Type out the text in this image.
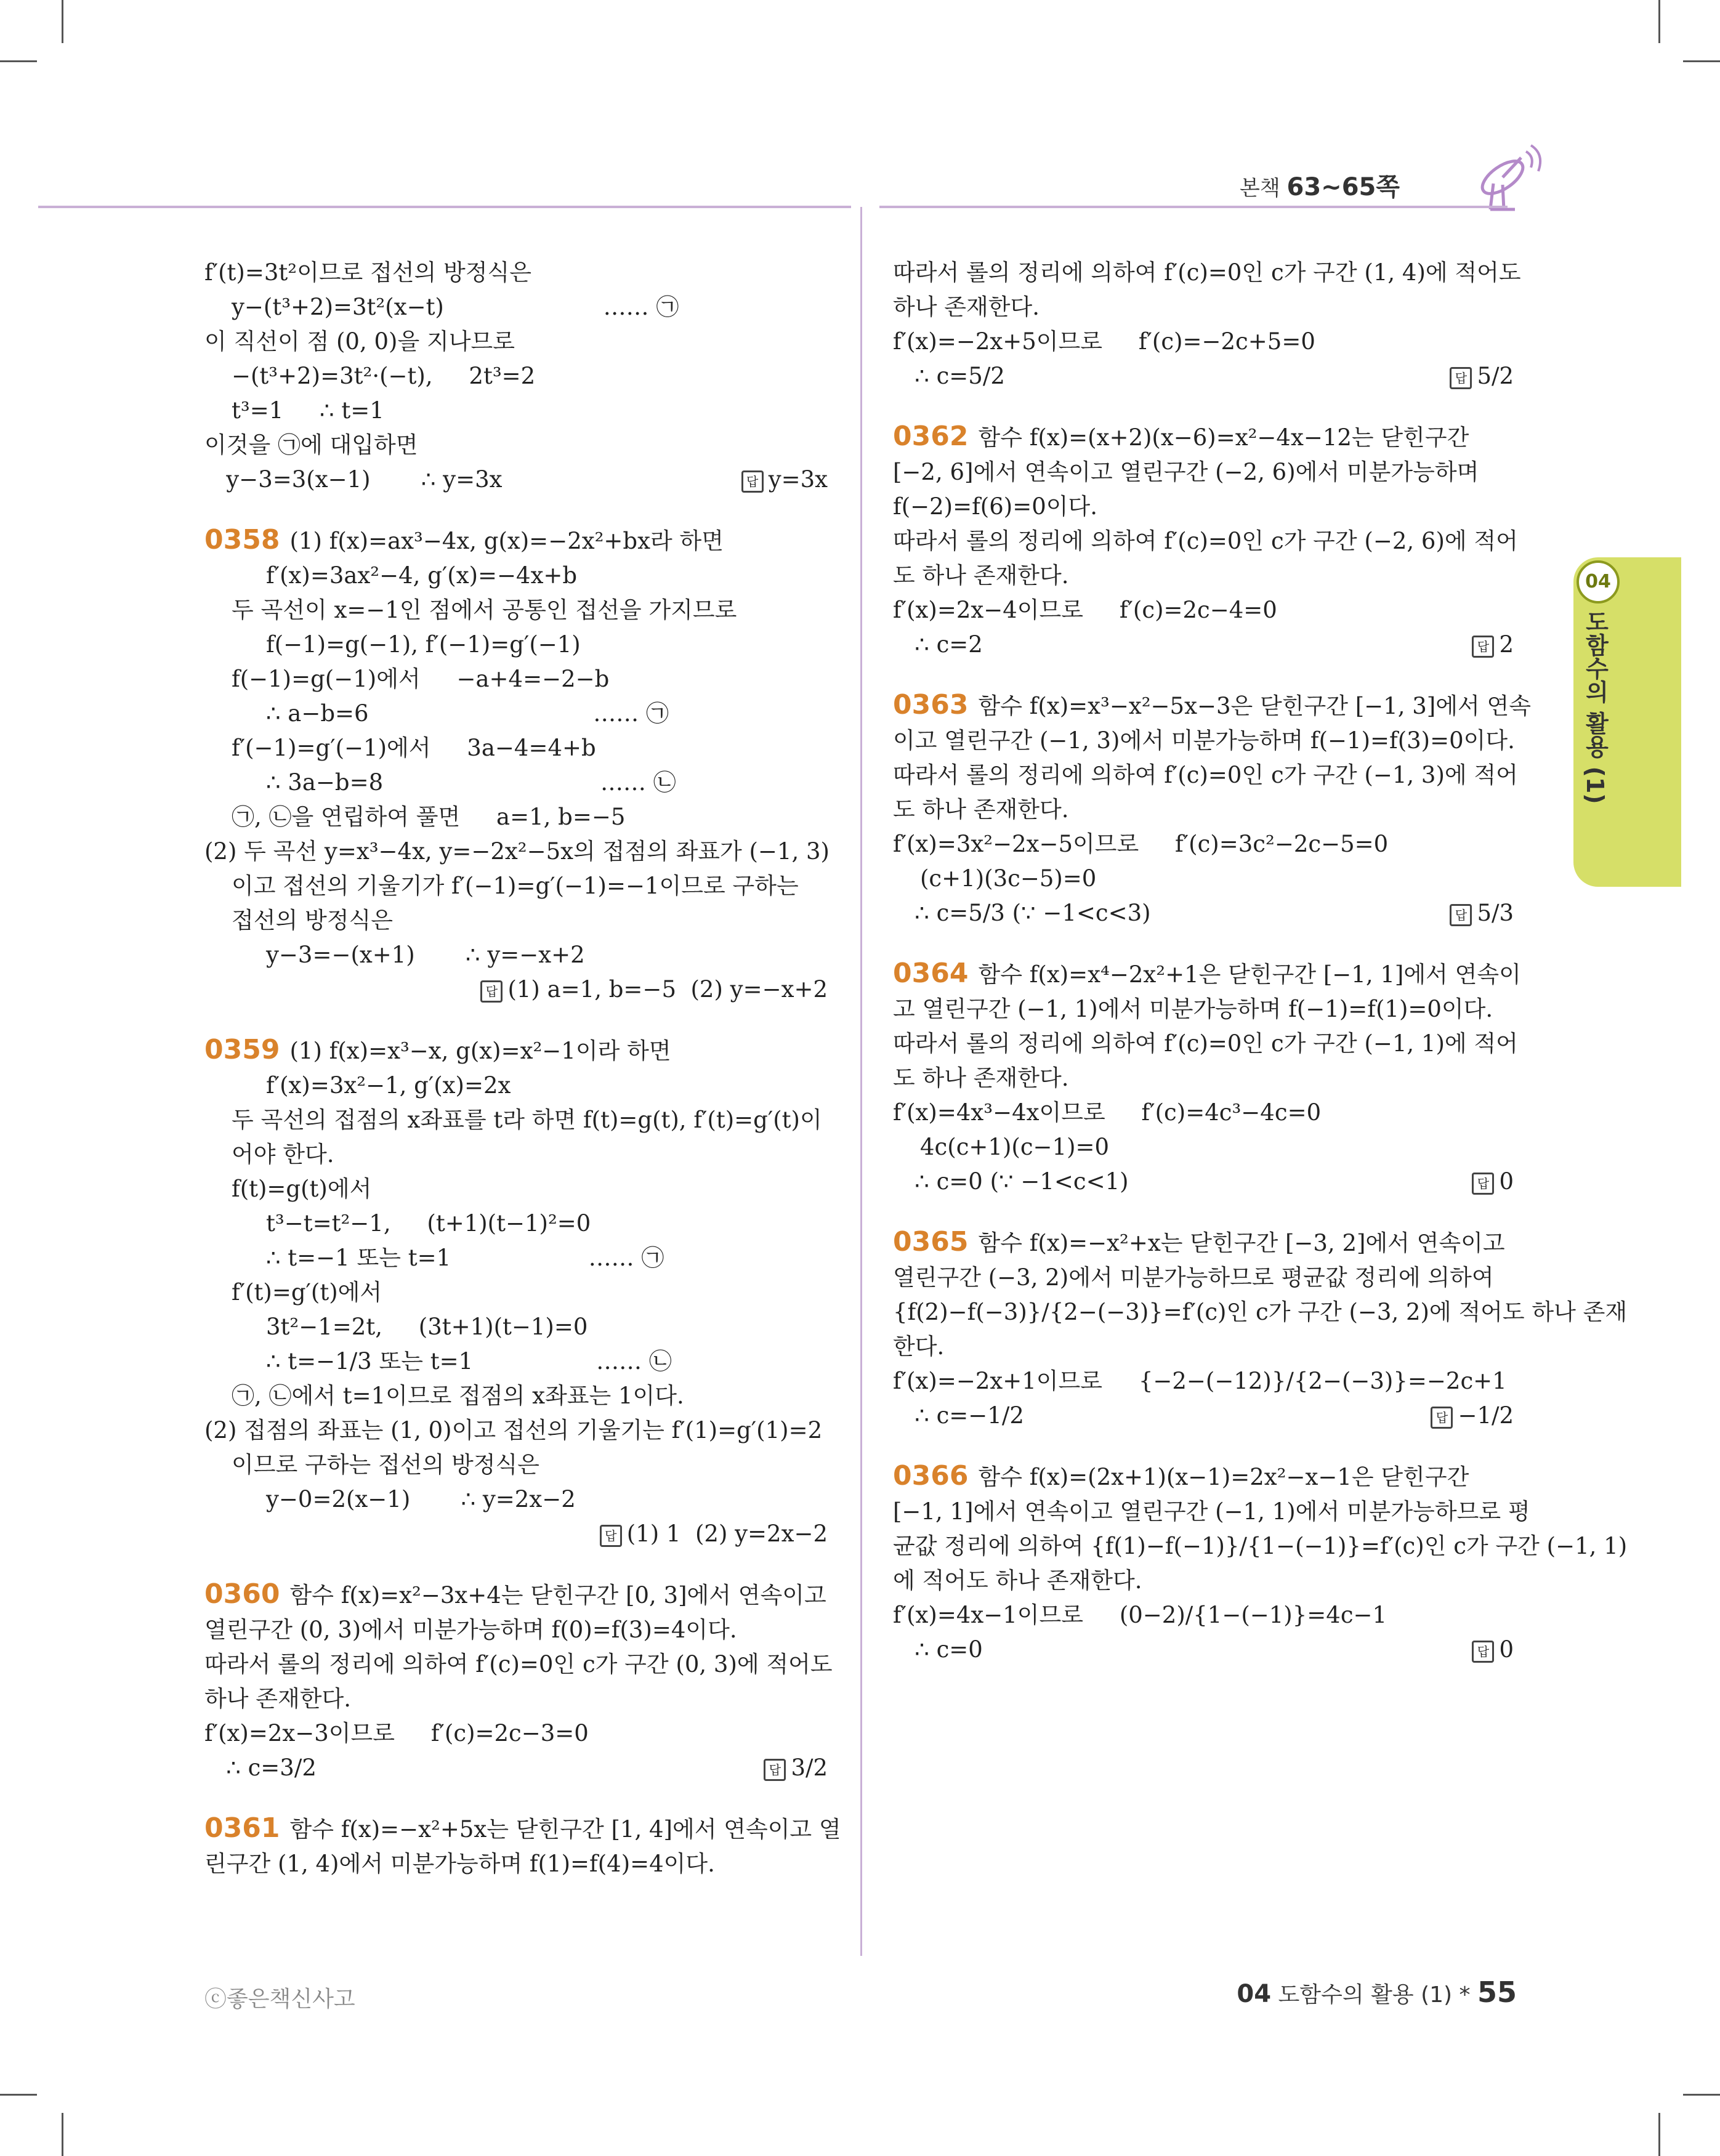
본책 63~65쪽

f′(t)=3t²이므로 접선의 방정식은

y−(t³+2)=3t²(x−t)                      …… ㉠

이 직선이 점 (0, 0)을 지나므로

−(t³+2)=3t²·(−t),     2t³=2

t³=1     ∴ t=1

이것을 ㉠에 대입하면

y−3=3(x−1)       ∴ y=3x	답 y=3x

0358 (1) f(x)=ax³−4x, g(x)=−2x²+bx라 하면

f′(x)=3ax²−4, g′(x)=−4x+b

두 곡선이 x=−1인 점에서 공통인 접선을 가지므로

f(−1)=g(−1), f′(−1)=g′(−1)

f(−1)=g(−1)에서     −a+4=−2−b

∴ a−b=6                               …… ㉠

f′(−1)=g′(−1)에서     3a−4=4+b

∴ 3a−b=8                              …… ㉡

㉠, ㉡을 연립하여 풀면     a=1, b=−5

(2) 두 곡선 y=x³−4x, y=−2x²−5x의 접점의 좌표가 (−1, 3)

이고 접선의 기울기가 f′(−1)=g′(−1)=−1이므로 구하는

접선의 방정식은

y−3=−(x+1)       ∴ y=−x+2

답 (1) a=1, b=−5  (2) y=−x+2

0359 (1) f(x)=x³−x, g(x)=x²−1이라 하면

f′(x)=3x²−1, g′(x)=2x

두 곡선의 접점의 x좌표를 t라 하면 f(t)=g(t), f′(t)=g′(t)이

어야 한다.

f(t)=g(t)에서

t³−t=t²−1,     (t+1)(t−1)²=0

∴ t=−1 또는 t=1                   …… ㉠

f′(t)=g′(t)에서

3t²−1=2t,     (3t+1)(t−1)=0

∴ t=−1/3 또는 t=1                 …… ㉡

㉠, ㉡에서 t=1이므로 접점의 x좌표는 1이다.

(2) 접점의 좌표는 (1, 0)이고 접선의 기울기는 f′(1)=g′(1)=2

이므로 구하는 접선의 방정식은

y−0=2(x−1)       ∴ y=2x−2

답 (1) 1  (2) y=2x−2

0360 함수 f(x)=x²−3x+4는 닫힌구간 [0, 3]에서 연속이고

열린구간 (0, 3)에서 미분가능하며 f(0)=f(3)=4이다.

따라서 롤의 정리에 의하여 f′(c)=0인 c가 구간 (0, 3)에 적어도

하나 존재한다.

f′(x)=2x−3이므로     f′(c)=2c−3=0

∴ c=3/2	답 3/2

0361 함수 f(x)=−x²+5x는 닫힌구간 [1, 4]에서 연속이고 열

린구간 (1, 4)에서 미분가능하며 f(1)=f(4)=4이다.

따라서 롤의 정리에 의하여 f′(c)=0인 c가 구간 (1, 4)에 적어도

하나 존재한다.

f′(x)=−2x+5이므로     f′(c)=−2c+5=0

∴ c=5/2	답 5/2

0362 함수 f(x)=(x+2)(x−6)=x²−4x−12는 닫힌구간

[−2, 6]에서 연속이고 열린구간 (−2, 6)에서 미분가능하며

f(−2)=f(6)=0이다.

따라서 롤의 정리에 의하여 f′(c)=0인 c가 구간 (−2, 6)에 적어

도 하나 존재한다.

f′(x)=2x−4이므로     f′(c)=2c−4=0

∴ c=2	답 2

0363 함수 f(x)=x³−x²−5x−3은 닫힌구간 [−1, 3]에서 연속

이고 열린구간 (−1, 3)에서 미분가능하며 f(−1)=f(3)=0이다.

따라서 롤의 정리에 의하여 f′(c)=0인 c가 구간 (−1, 3)에 적어

도 하나 존재한다.

f′(x)=3x²−2x−5이므로     f′(c)=3c²−2c−5=0

(c+1)(3c−5)=0

∴ c=5/3 (∵ −1<c<3)	답 5/3

0364 함수 f(x)=x⁴−2x²+1은 닫힌구간 [−1, 1]에서 연속이

고 열린구간 (−1, 1)에서 미분가능하며 f(−1)=f(1)=0이다.

따라서 롤의 정리에 의하여 f′(c)=0인 c가 구간 (−1, 1)에 적어

도 하나 존재한다.

f′(x)=4x³−4x이므로     f′(c)=4c³−4c=0

4c(c+1)(c−1)=0

∴ c=0 (∵ −1<c<1)	답 0

0365 함수 f(x)=−x²+x는 닫힌구간 [−3, 2]에서 연속이고

열린구간 (−3, 2)에서 미분가능하므로 평균값 정리에 의하여

{f(2)−f(−3)}/{2−(−3)}=f′(c)인 c가 구간 (−3, 2)에 적어도 하나 존재

한다.

f′(x)=−2x+1이므로     {−2−(−12)}/{2−(−3)}=−2c+1

∴ c=−1/2	답 −1/2

0366 함수 f(x)=(2x+1)(x−1)=2x²−x−1은 닫힌구간

[−1, 1]에서 연속이고 열린구간 (−1, 1)에서 미분가능하므로 평

균값 정리에 의하여 {f(1)−f(−1)}/{1−(−1)}=f′(c)인 c가 구간 (−1, 1)

에 적어도 하나 존재한다.

f′(x)=4x−1이므로     (0−2)/{1−(−1)}=4c−1

∴ c=0	답 0
04
도함수의 활용 (1)
ⓒ좋은책신사고	04 도함수의 활용 (1) * 55
